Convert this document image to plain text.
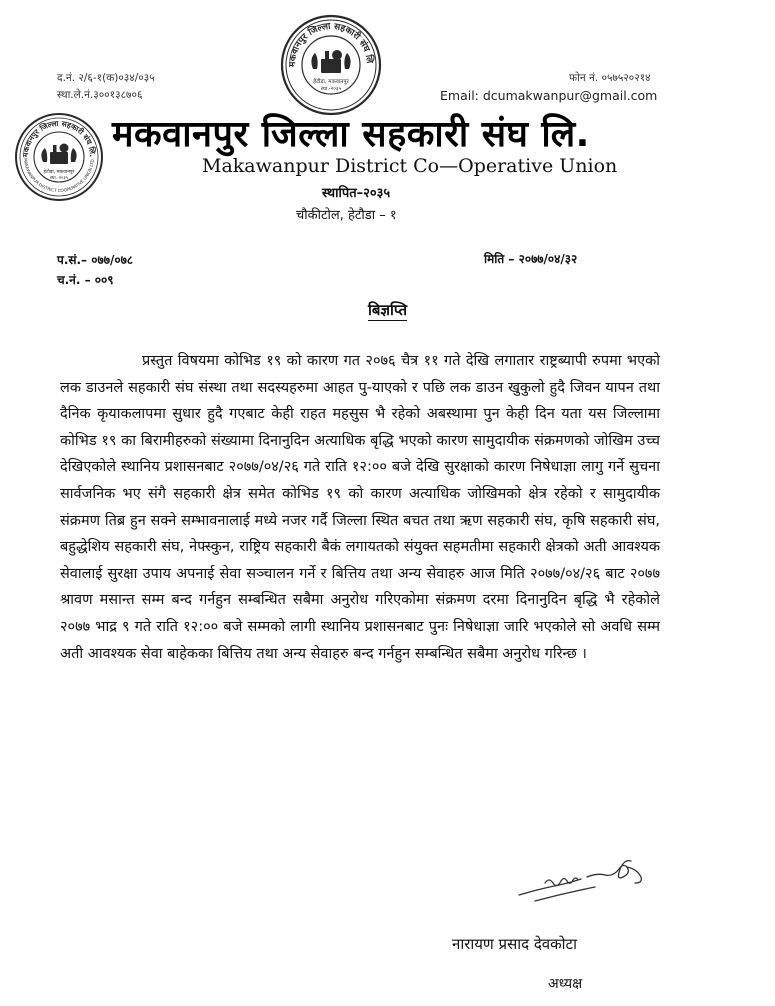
मकवानपुर जिल्ला सहकारी संघ लि
हेटौडा, मकवानपुर
स्था.-२०३५
मकवानपुर जिल्ला सहकारी संघ लि.
MAKAWANPUR DISTRICT COOPERATIVE UNION LTD.
हेटौडा, मकवानपुर
स्था.-२०३५
द.नं. २/६-१(क)०३४/०३५
स्था.ले.नं.३००१३८७०६
फोन नं. ०५७५२०२१४
Email: dcumakwanpur@gmail.com
मकवानपुर जिल्ला सहकारी संघ लि.
Makawanpur District Co—Operative Union
स्थापित–२०३५
चौकीटोल, हेटौडा – १
प.सं.– ०७७/०७८
च.नं. – ००९
मिति – २०७७/०४/३२
बिज्ञप्ति
प्रस्तुत विषयमा कोभिड १९ को कारण गत २०७६ चैत्र ११ गते देखि लगातार राष्ट्रब्यापी रुपमा भएको लक डाउनले सहकारी संघ संस्था तथा सदस्यहरुमा आहत पु-याएको र पछि लक डाउन खुकुलो हुदै जिवन यापन तथा दैनिक कृयाकलापमा सुधार हुदै गएबाट केही राहत महसुस भै रहेको अबस्थामा पुन केही दिन यता यस जिल्लामा कोभिड १९ का बिरामीहरुको संख्यामा दिनानुदिन अत्याधिक बृद्धि भएको कारण सामुदायीक संक्रमणको जोखिम उच्च देखिएकोले स्थानिय प्रशासनबाट २०७७/०४/२६ गते राति १२:०० बजे देखि सुरक्षाको कारण निषेधाज्ञा लागु गर्ने सुचना सार्वजनिक भए संगै सहकारी क्षेत्र समेत कोभिड १९ को कारण अत्याधिक जोखिमको क्षेत्र रहेको र सामुदायीक संक्रमण तिब्र हुन सक्ने सम्भावनालाई मध्ये नजर गर्दै जिल्ला स्थित बचत तथा ऋण सहकारी संघ, कृषि सहकारी संघ, बहुद्धेशिय सहकारी संघ, नेफ्स्कुन, राष्ट्रिय सहकारी बैकं लगायतको संयुक्त सहमतीमा सहकारी क्षेत्रको अती आवश्यक सेवालाई सुरक्षा उपाय अपनाई सेवा सञ्चालन गर्ने र बित्तिय तथा अन्य सेवाहरु आज मिति २०७७/०४/२६ बाट २०७७ श्रावण मसान्त सम्म बन्द गर्नहुन सम्बन्धित सबैमा अनुरोध गरिएकोमा संक्रमण दरमा दिनानुदिन बृद्धि भै रहेकोले २०७७ भाद्र ९ गते राति १२:०० बजे सम्मको लागी स्थानिय प्रशासनबाट पुनः निषेधाज्ञा जारि भएकोले सो अवधि सम्म अती आवश्यक सेवा बाहेकका बित्तिय तथा अन्य सेवाहरु बन्द गर्नहुन सम्बन्धित सबैमा अनुरोध गरिन्छ ।
नारायण प्रसाद देवकोटा
अध्यक्ष
